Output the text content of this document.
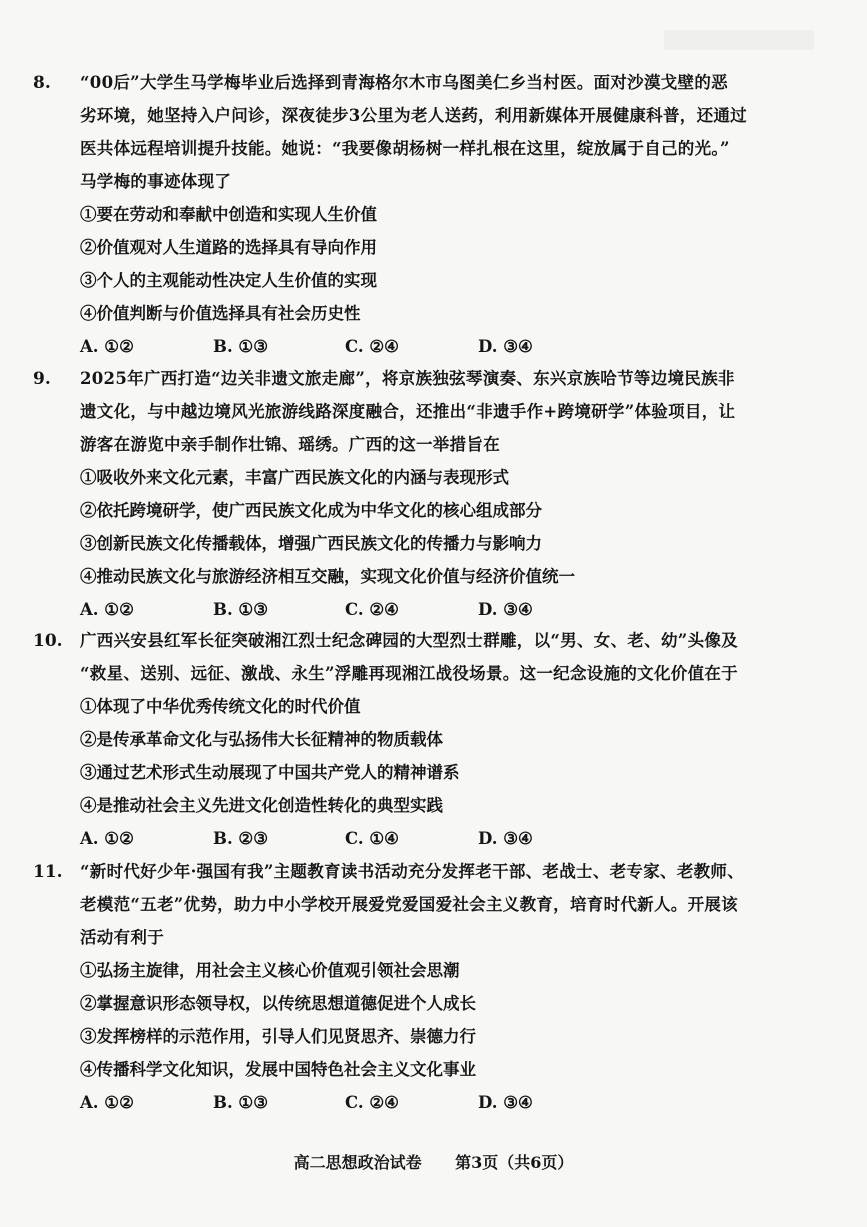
8. “00后”大学生马学梅毕业后选择到青海格尔木市乌图美仁乡当村医。面对沙漠戈壁的恶
劣环境，她坚持入户问诊，深夜徒步3公里为老人送药，利用新媒体开展健康科普，还通过
医共体远程培训提升技能。她说：“我要像胡杨树一样扎根在这里，绽放属于自己的光。”
马学梅的事迹体现了
①要在劳动和奉献中创造和实现人生价值
②价值观对人生道路的选择具有导向作用
③个人的主观能动性决定人生价值的实现
④价值判断与价值选择具有社会历史性
A. ①②	B. ①③	C. ②④	D. ③④
9. 2025年广西打造“边关非遗文旅走廊”，将京族独弦琴演奏、东兴京族哈节等边境民族非
遗文化，与中越边境风光旅游线路深度融合，还推出“非遗手作+跨境研学”体验项目，让
游客在游览中亲手制作壮锦、瑶绣。广西的这一举措旨在
①吸收外来文化元素，丰富广西民族文化的内涵与表现形式
②依托跨境研学，使广西民族文化成为中华文化的核心组成部分
③创新民族文化传播载体，增强广西民族文化的传播力与影响力
④推动民族文化与旅游经济相互交融，实现文化价值与经济价值统一
A. ①②	B. ①③	C. ②④	D. ③④
10. 广西兴安县红军长征突破湘江烈士纪念碑园的大型烈士群雕，以“男、女、老、幼”头像及
“救星、送别、远征、激战、永生”浮雕再现湘江战役场景。这一纪念设施的文化价值在于
①体现了中华优秀传统文化的时代价值
②是传承革命文化与弘扬伟大长征精神的物质载体
③通过艺术形式生动展现了中国共产党人的精神谱系
④是推动社会主义先进文化创造性转化的典型实践
A. ①②	B. ②③	C. ①④	D. ③④
11. “新时代好少年·强国有我”主题教育读书活动充分发挥老干部、老战士、老专家、老教师、
老模范“五老”优势，助力中小学校开展爱党爱国爱社会主义教育，培育时代新人。开展该
活动有利于
①弘扬主旋律，用社会主义核心价值观引领社会思潮
②掌握意识形态领导权，以传统思想道德促进个人成长
③发挥榜样的示范作用，引导人们见贤思齐、崇德力行
④传播科学文化知识，发展中国特色社会主义文化事业
A. ①②	B. ①③	C. ②④	D. ③④
高二思想政治试卷 第3页（共6页）
